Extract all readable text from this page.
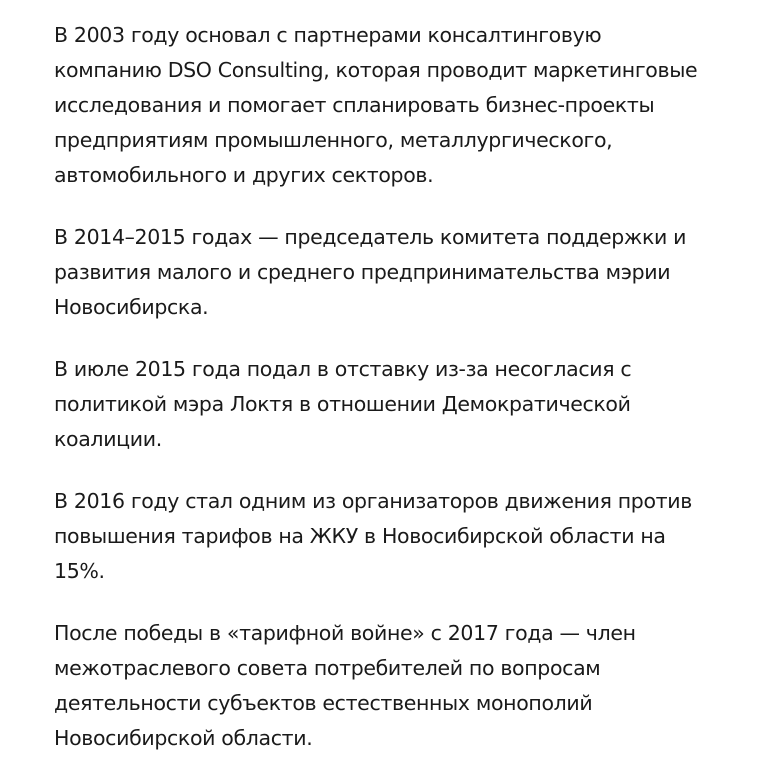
В 2003 году основал с партнерами консалтинговую
компанию DSO Consulting, которая проводит маркетинговые
исследования и помогает спланировать бизнес-проекты
предприятиям промышленного, металлургического,
автомобильного и других секторов.

В 2014–2015 годах — председатель комитета поддержки и
развития малого и среднего предпринимательства мэрии
Новосибирска.

В июле 2015 года подал в отставку из-за несогласия с
политикой мэра Локтя в отношении Демократической
коалиции.

В 2016 году стал одним из организаторов движения против
повышения тарифов на ЖКУ в Новосибирской области на
15%.

После победы в «тарифной войне» с 2017 года — член
межотраслевого совета потребителей по вопросам
деятельности субъектов естественных монополий
Новосибирской области.
